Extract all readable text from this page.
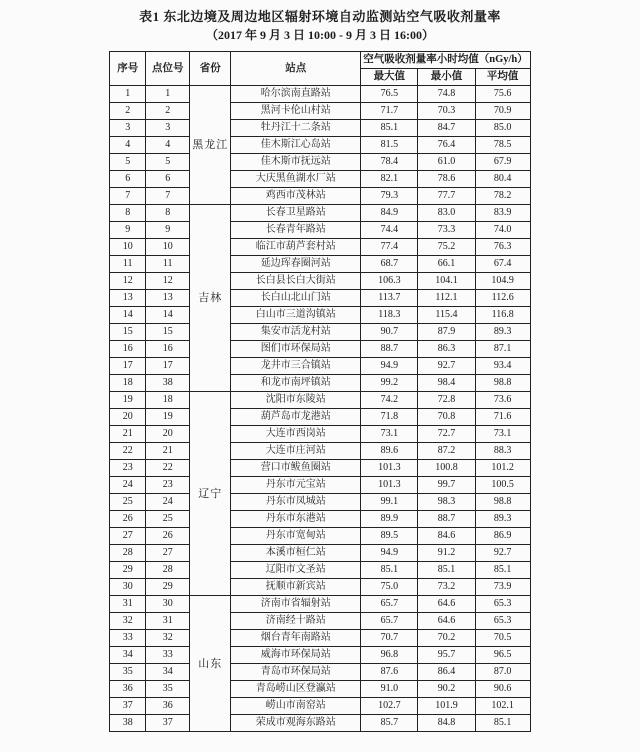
表1 东北边境及周边地区辐射环境自动监测站空气吸收剂量率
（2017 年 9 月 3 日 10:00 - 9 月 3 日 16:00）
序号	点位号	省份	站点	空气吸收剂量率小时均值（nGy/h）		
				最大值	最小值	平均值
1	1	黑龙江	哈尔滨南直路站	76.5	74.8	75.6
2	2		黑河卡伦山村站	71.7	70.3	70.9
3	3		牡丹江十二条站	85.1	84.7	85.0
4	4		佳木斯江心岛站	81.5	76.4	78.5
5	5		佳木斯市抚远站	78.4	61.0	67.9
6	6		大庆黑鱼湖水厂站	82.1	78.6	80.4
7	7		鸡西市茂林站	79.3	77.7	78.2
8	8	吉林	长春卫星路站	84.9	83.0	83.9
9	9		长春青年路站	74.4	73.3	74.0
10	10		临江市葫芦套村站	77.4	75.2	76.3
11	11		延边珲春圈河站	68.7	66.1	67.4
12	12		长白县长白大街站	106.3	104.1	104.9
13	13		长白山北山门站	113.7	112.1	112.6
14	14		白山市三道沟镇站	118.3	115.4	116.8
15	15		集安市活龙村站	90.7	87.9	89.3
16	16		图们市环保局站	88.7	86.3	87.1
17	17		龙井市三合镇站	94.9	92.7	93.4
18	38		和龙市南坪镇站	99.2	98.4	98.8
19	18	辽宁	沈阳市东陵站	74.2	72.8	73.6
20	19		葫芦岛市龙港站	71.8	70.8	71.6
21	20		大连市西岗站	73.1	72.7	73.1
22	21		大连市庄河站	89.6	87.2	88.3
23	22		营口市鲅鱼圈站	101.3	100.8	101.2
24	23		丹东市元宝站	101.3	99.7	100.5
25	24		丹东市凤城站	99.1	98.3	98.8
26	25		丹东市东港站	89.9	88.7	89.3
27	26		丹东市宽甸站	89.5	84.6	86.9
28	27		本溪市桓仁站	94.9	91.2	92.7
29	28		辽阳市文圣站	85.1	85.1	85.1
30	29		抚顺市新宾站	75.0	73.2	73.9
31	30	山东	济南市省辐射站	65.7	64.6	65.3
32	31		济南经十路站	65.7	64.6	65.3
33	32		烟台青年南路站	70.7	70.2	70.5
34	33		威海市环保局站	96.8	95.7	96.5
35	34		青岛市环保局站	87.6	86.4	87.0
36	35		青岛崂山区登瀛站	91.0	90.2	90.6
37	36		崂山市南窑站	102.7	101.9	102.1
38	37		荣成市观海东路站	85.7	84.8	85.1
